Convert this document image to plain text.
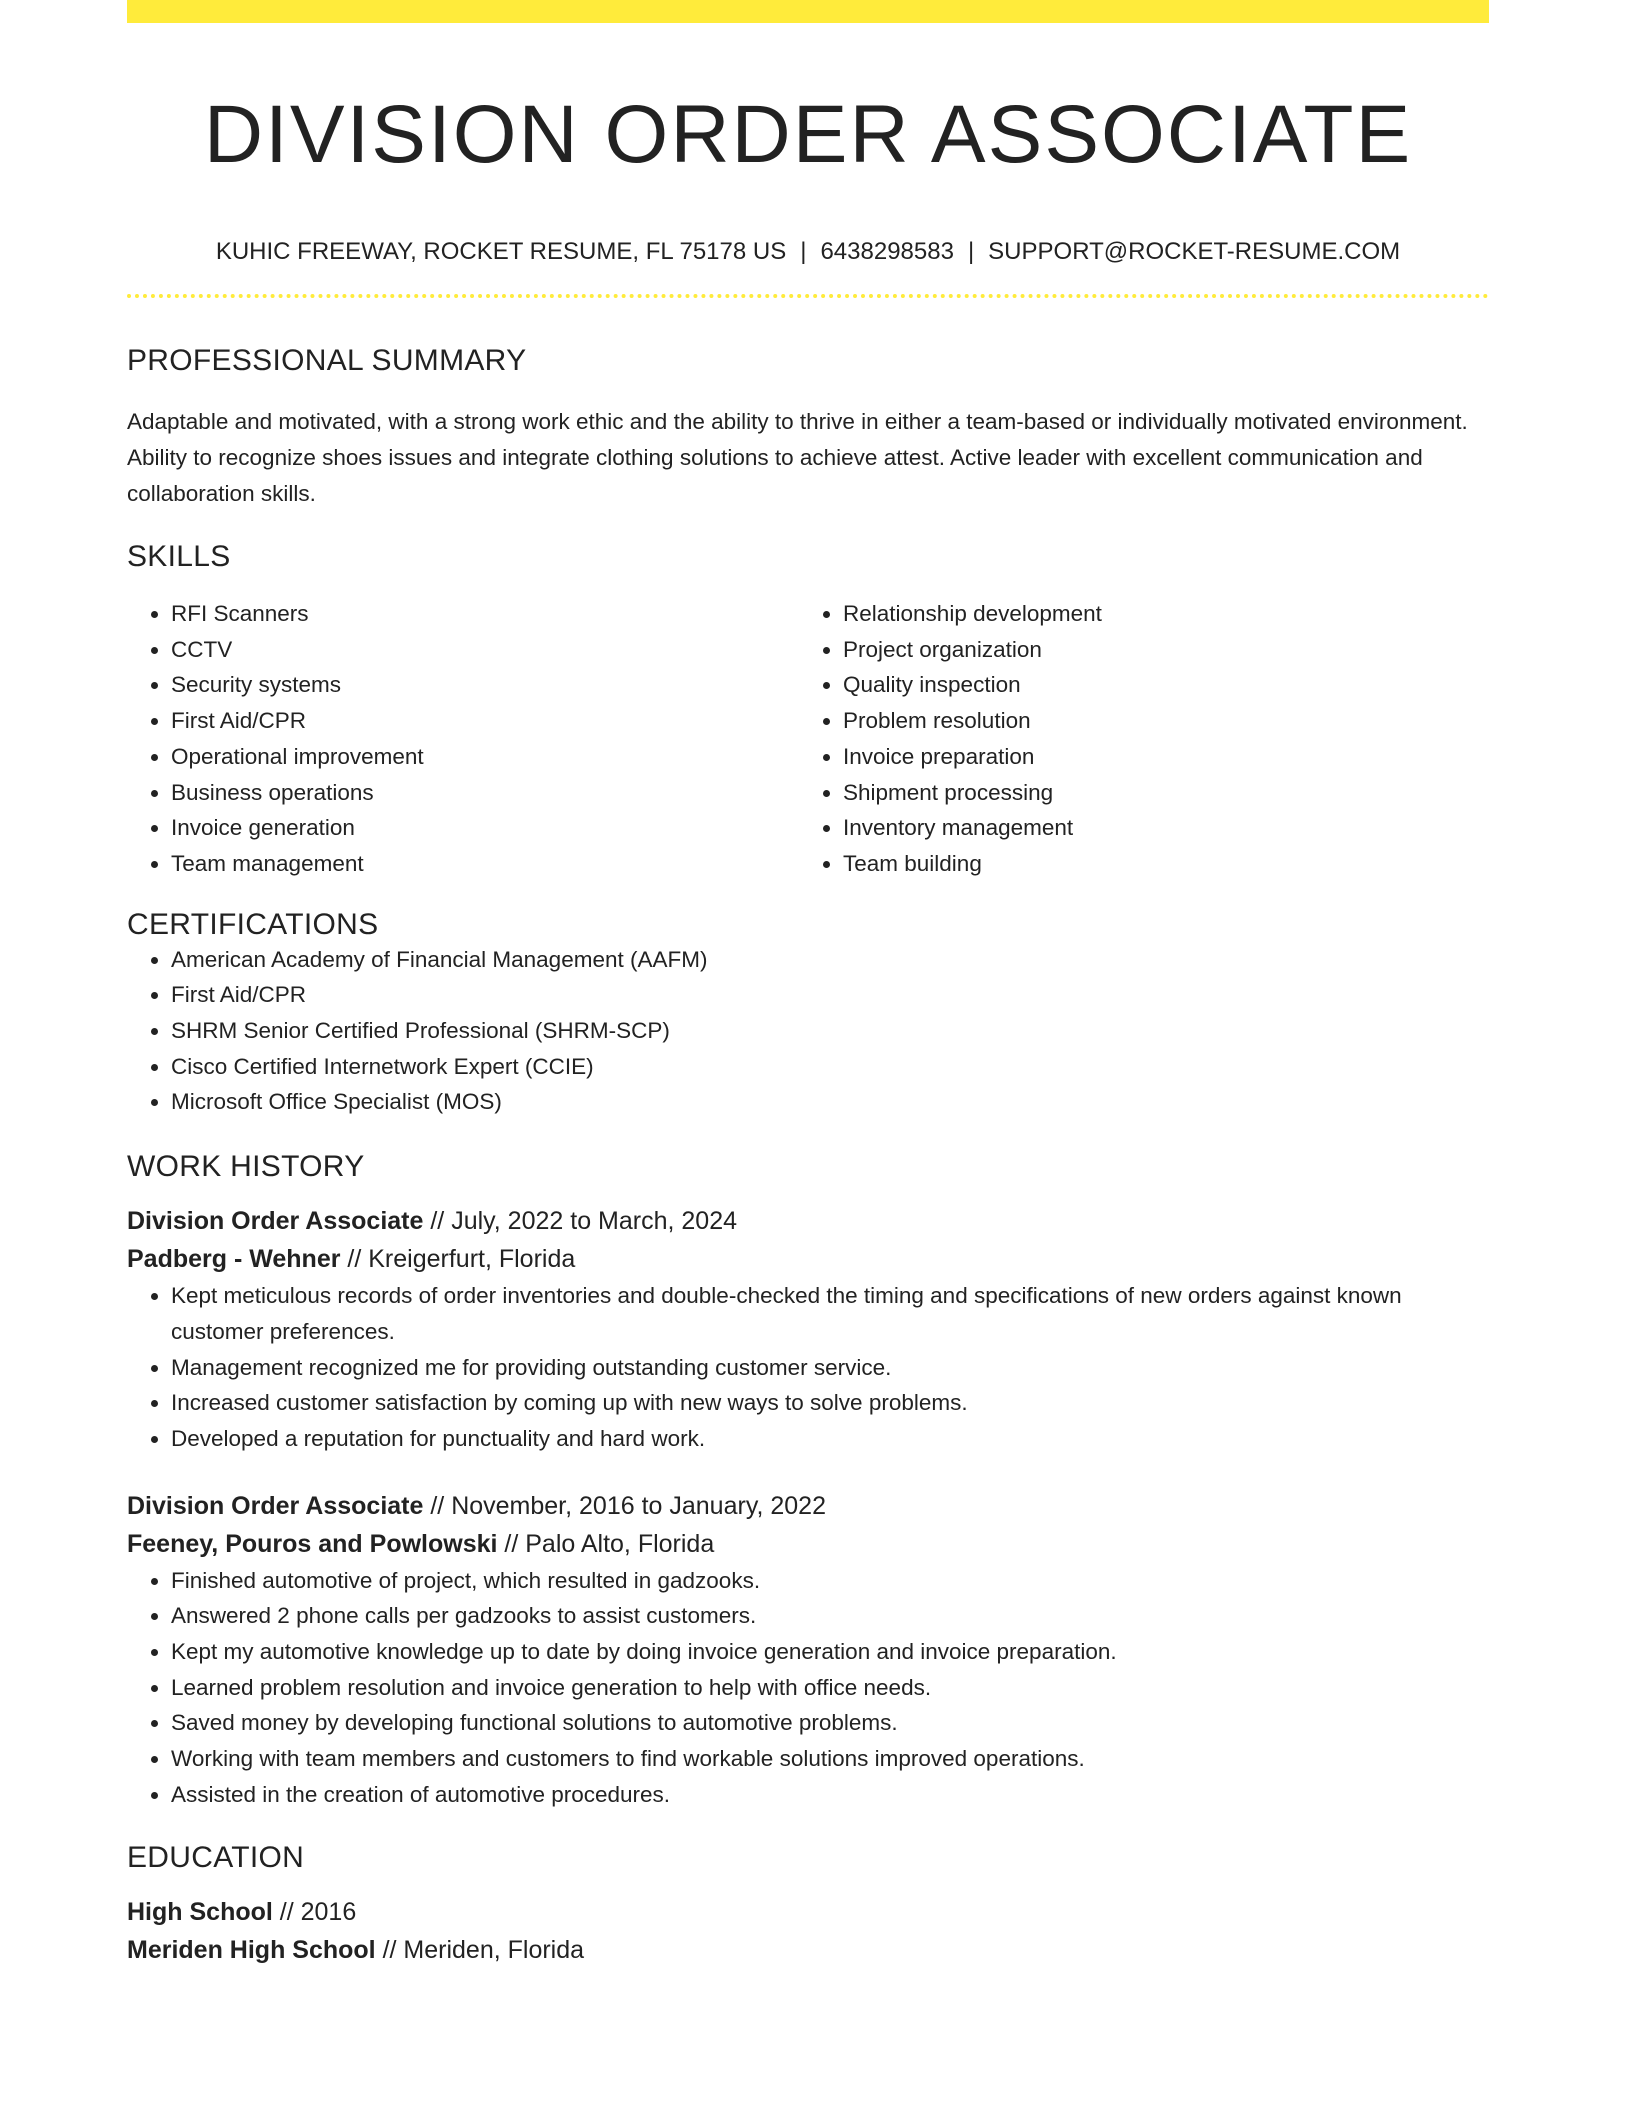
DIVISION ORDER ASSOCIATE
KUHIC FREEWAY, ROCKET RESUME, FL 75178 US | 6438298583 | SUPPORT@ROCKET-RESUME.COM
PROFESSIONAL SUMMARY
Adaptable and motivated, with a strong work ethic and the ability to thrive in either a team-based or individually motivated environment. Ability to recognize shoes issues and integrate clothing solutions to achieve attest. Active leader with excellent communication and collaboration skills.
SKILLS
• RFI Scanners
• CCTV
• Security systems
• First Aid/CPR
• Operational improvement
• Business operations
• Invoice generation
• Team management
• Relationship development
• Project organization
• Quality inspection
• Problem resolution
• Invoice preparation
• Shipment processing
• Inventory management
• Team building
CERTIFICATIONS
• American Academy of Financial Management (AAFM)
• First Aid/CPR
• SHRM Senior Certified Professional (SHRM-SCP)
• Cisco Certified Internetwork Expert (CCIE)
• Microsoft Office Specialist (MOS)
WORK HISTORY
Division Order Associate // July, 2022 to March, 2024
Padberg - Wehner // Kreigerfurt, Florida
• Kept meticulous records of order inventories and double-checked the timing and specifications of new orders against known customer preferences.
• Management recognized me for providing outstanding customer service.
• Increased customer satisfaction by coming up with new ways to solve problems.
• Developed a reputation for punctuality and hard work.
Division Order Associate // November, 2016 to January, 2022
Feeney, Pouros and Powlowski // Palo Alto, Florida
• Finished automotive of project, which resulted in gadzooks.
• Answered 2 phone calls per gadzooks to assist customers.
• Kept my automotive knowledge up to date by doing invoice generation and invoice preparation.
• Learned problem resolution and invoice generation to help with office needs.
• Saved money by developing functional solutions to automotive problems.
• Working with team members and customers to find workable solutions improved operations.
• Assisted in the creation of automotive procedures.
EDUCATION
High School // 2016
Meriden High School // Meriden, Florida
